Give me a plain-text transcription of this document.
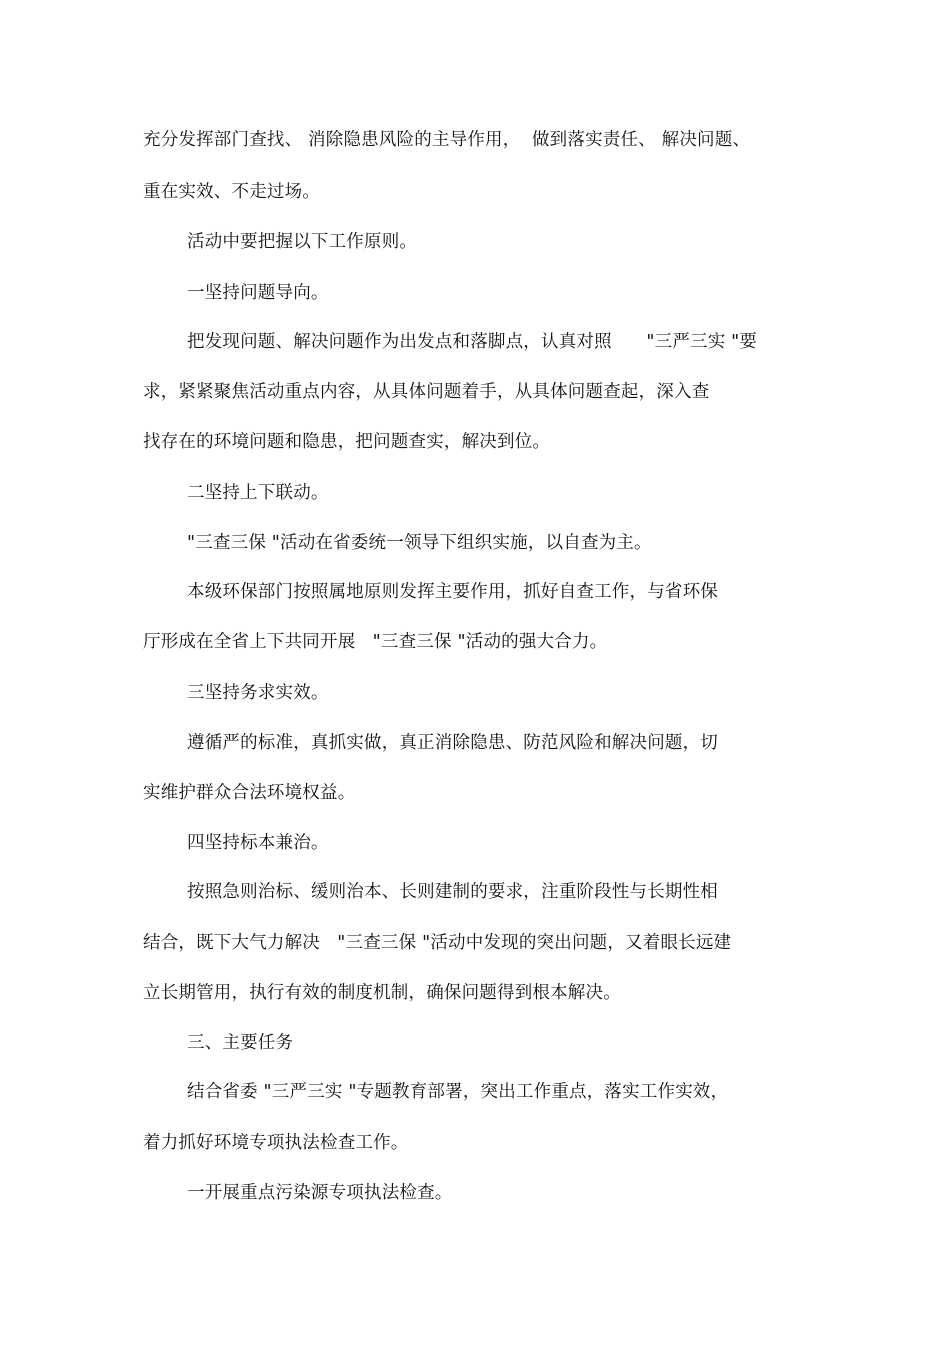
充分发挥部门查找、 消除隐患风险的主导作用，  做到落实责任、 解决问题、
重在实效、不走过场。
活动中要把握以下工作原则。
一坚持问题导向。
把发现问题、解决问题作为出发点和落脚点，认真对照      "三严三实 "要
求，紧紧聚焦活动重点内容，从具体问题着手，从具体问题查起，深入查
找存在的环境问题和隐患，把问题查实，解决到位。
二坚持上下联动。
"三查三保 "活动在省委统一领导下组织实施，以自查为主。
本级环保部门按照属地原则发挥主要作用，抓好自查工作，与省环保
厅形成在全省上下共同开展   "三查三保 "活动的强大合力。
三坚持务求实效。
遵循严的标准，真抓实做，真正消除隐患、防范风险和解决问题，切
实维护群众合法环境权益。
四坚持标本兼治。
按照急则治标、缓则治本、长则建制的要求，注重阶段性与长期性相
结合，既下大气力解决   "三查三保 "活动中发现的突出问题，又着眼长远建
立长期管用，执行有效的制度机制，确保问题得到根本解决。
三、主要任务
结合省委 "三严三实 "专题教育部署，突出工作重点，落实工作实效，
着力抓好环境专项执法检查工作。
一开展重点污染源专项执法检查。
